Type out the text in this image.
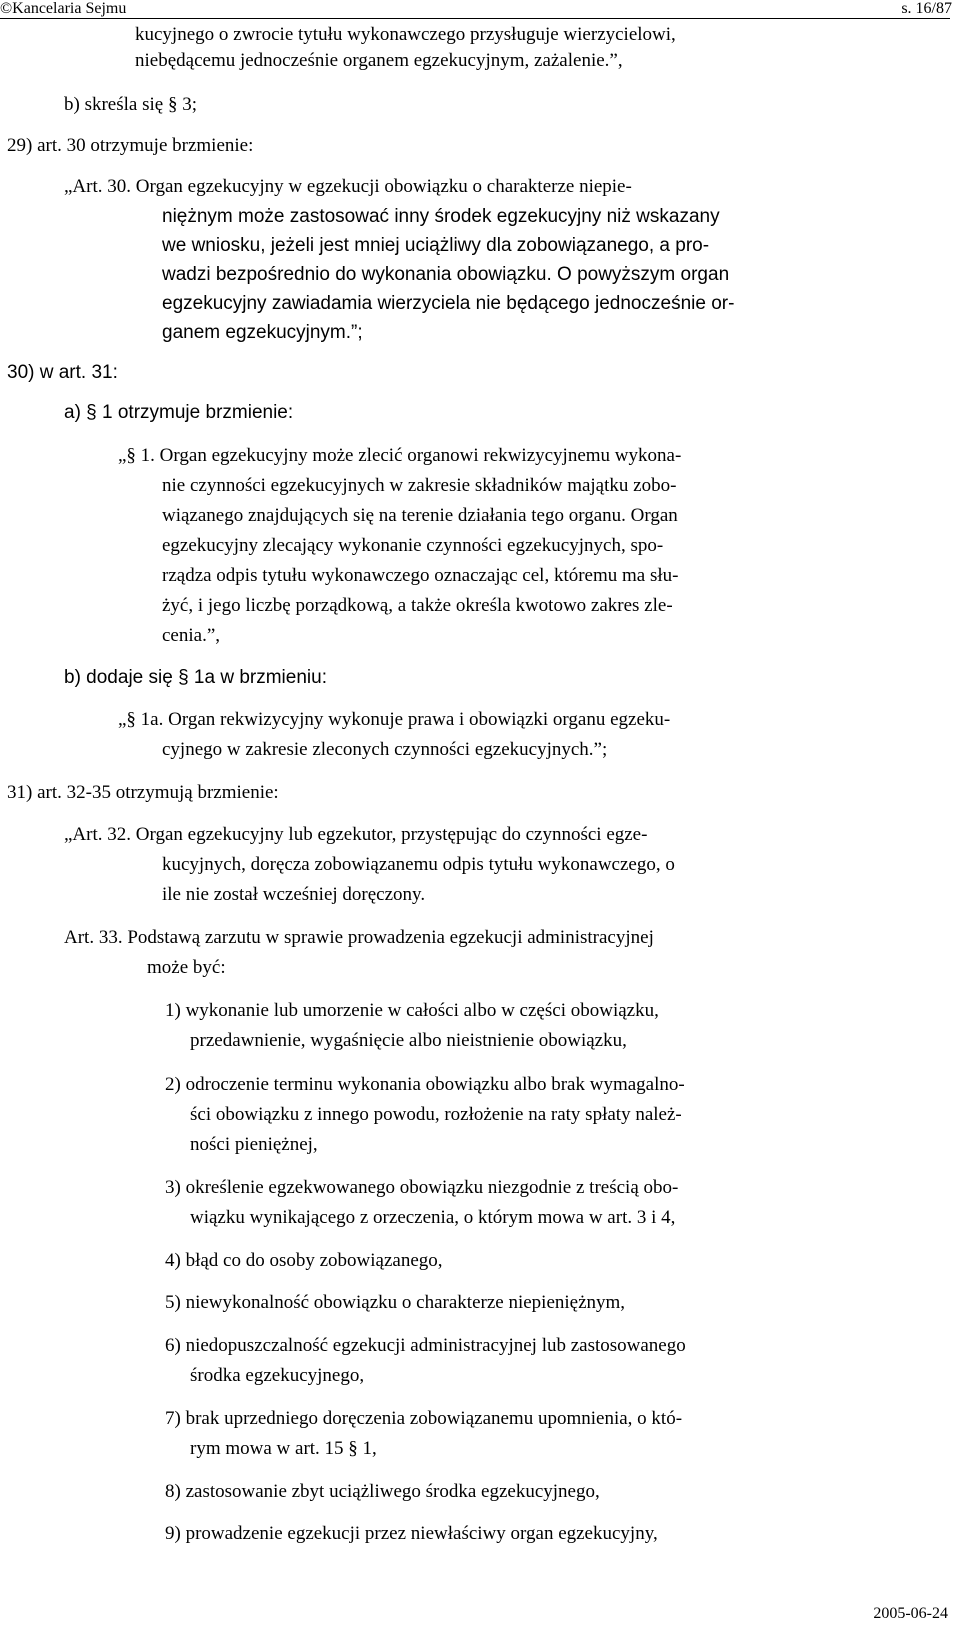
©Kancelaria Sejmu	s. 16/87
kucyjnego o zwrocie tytułu wykonawczego przysługuje wierzycielowi,
niebędącemu jednocześnie organem egzekucyjnym, zażalenie.”,
b) skreśla się § 3;
29) art. 30 otrzymuje brzmienie:
„Art. 30. Organ egzekucyjny w egzekucji obowiązku o charakterze niepie-
niężnym może zastosować inny środek egzekucyjny niż wskazany
we wniosku, jeżeli jest mniej uciążliwy dla zobowiązanego, a pro-
wadzi bezpośrednio do wykonania obowiązku. O powyższym organ
egzekucyjny zawiadamia wierzyciela nie będącego jednocześnie or-
ganem egzekucyjnym.”;
30) w art. 31:
a) § 1 otrzymuje brzmienie:
„§ 1. Organ egzekucyjny może zlecić organowi rekwizycyjnemu wykona-
nie czynności egzekucyjnych w zakresie składników majątku zobo-
wiązanego znajdujących się na terenie działania tego organu. Organ
egzekucyjny zlecający wykonanie czynności egzekucyjnych, spo-
rządza odpis tytułu wykonawczego oznaczając cel, któremu ma słu-
żyć, i jego liczbę porządkową, a także określa kwotowo zakres zle-
cenia.”,
b) dodaje się § 1a w brzmieniu:
„§ 1a. Organ rekwizycyjny wykonuje prawa i obowiązki organu egzeku-
cyjnego w zakresie zleconych czynności egzekucyjnych.”;
31) art. 32-35 otrzymują brzmienie:
„Art. 32. Organ egzekucyjny lub egzekutor, przystępując do czynności egze-
kucyjnych, doręcza zobowiązanemu odpis tytułu wykonawczego, o
ile nie został wcześniej doręczony.
Art. 33. Podstawą zarzutu w sprawie prowadzenia egzekucji administracyjnej
może być:
1) wykonanie lub umorzenie w całości albo w części obowiązku,
przedawnienie, wygaśnięcie albo nieistnienie obowiązku,
2) odroczenie terminu wykonania obowiązku albo brak wymagalno-
ści obowiązku z innego powodu, rozłożenie na raty spłaty należ-
ności pieniężnej,
3) określenie egzekwowanego obowiązku niezgodnie z treścią obo-
wiązku wynikającego z orzeczenia, o którym mowa w art. 3 i 4,
4) błąd co do osoby zobowiązanego,
5) niewykonalność obowiązku o charakterze niepieniężnym,
6) niedopuszczalność egzekucji administracyjnej lub zastosowanego
środka egzekucyjnego,
7) brak uprzedniego doręczenia zobowiązanemu upomnienia, o któ-
rym mowa w art. 15 § 1,
8) zastosowanie zbyt uciążliwego środka egzekucyjnego,
9) prowadzenie egzekucji przez niewłaściwy organ egzekucyjny,
2005-06-24
